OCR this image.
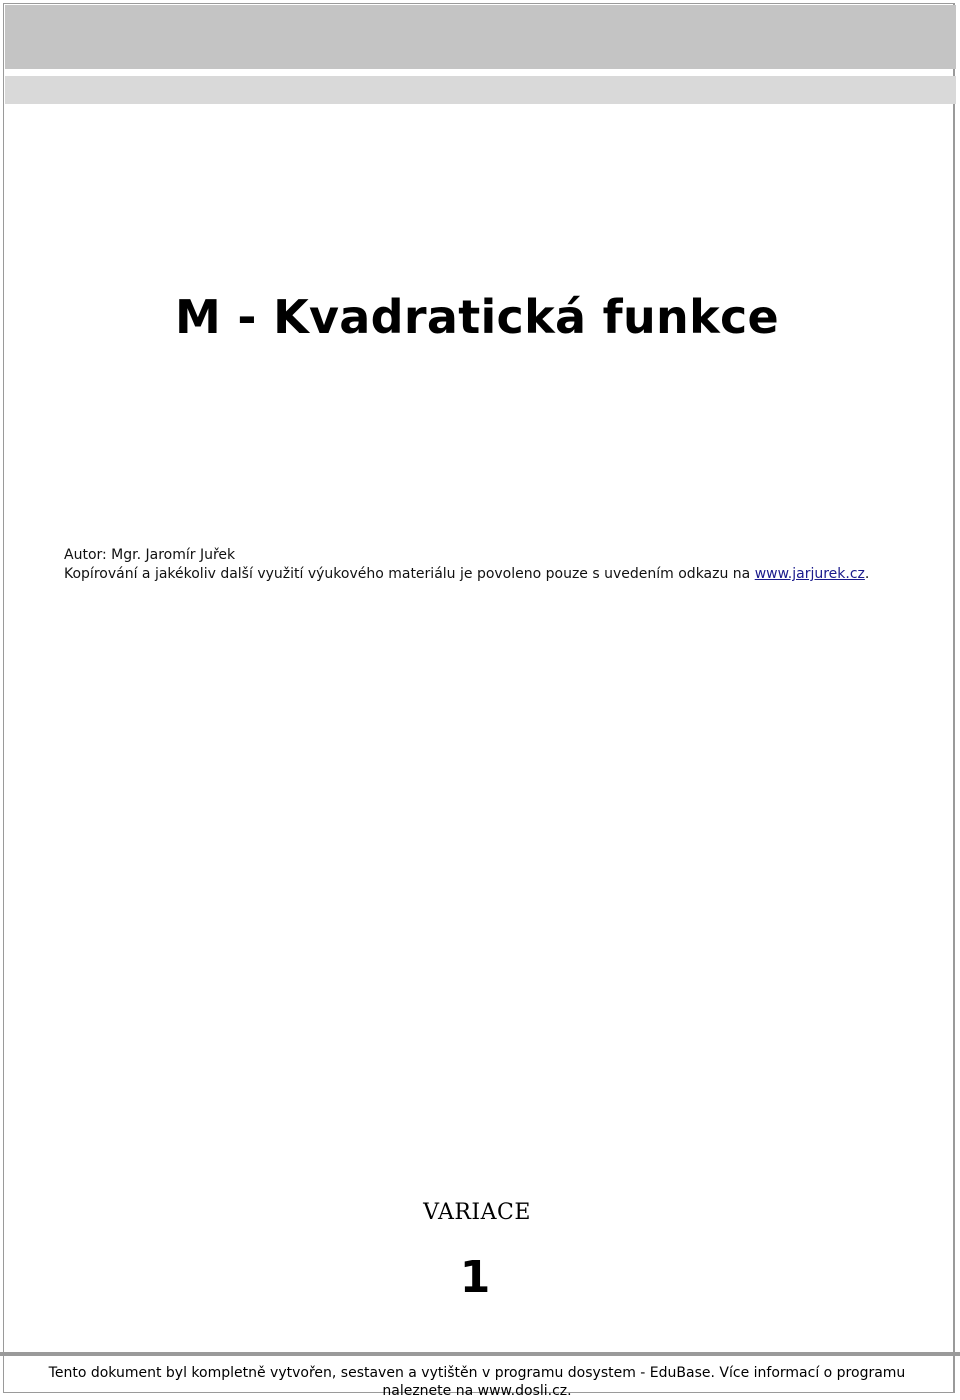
M - Kvadratická funkce
Autor: Mgr. Jaromír Juřek
Kopírování a jakékoliv další využití výukového materiálu je povoleno pouze s uvedením odkazu na www.jarjurek.cz.
VARIACE
1
Tento dokument byl kompletně vytvořen, sestaven a vytištěn v programu dosystem - EduBase. Více informací o programu
naleznete na www.dosli.cz.
